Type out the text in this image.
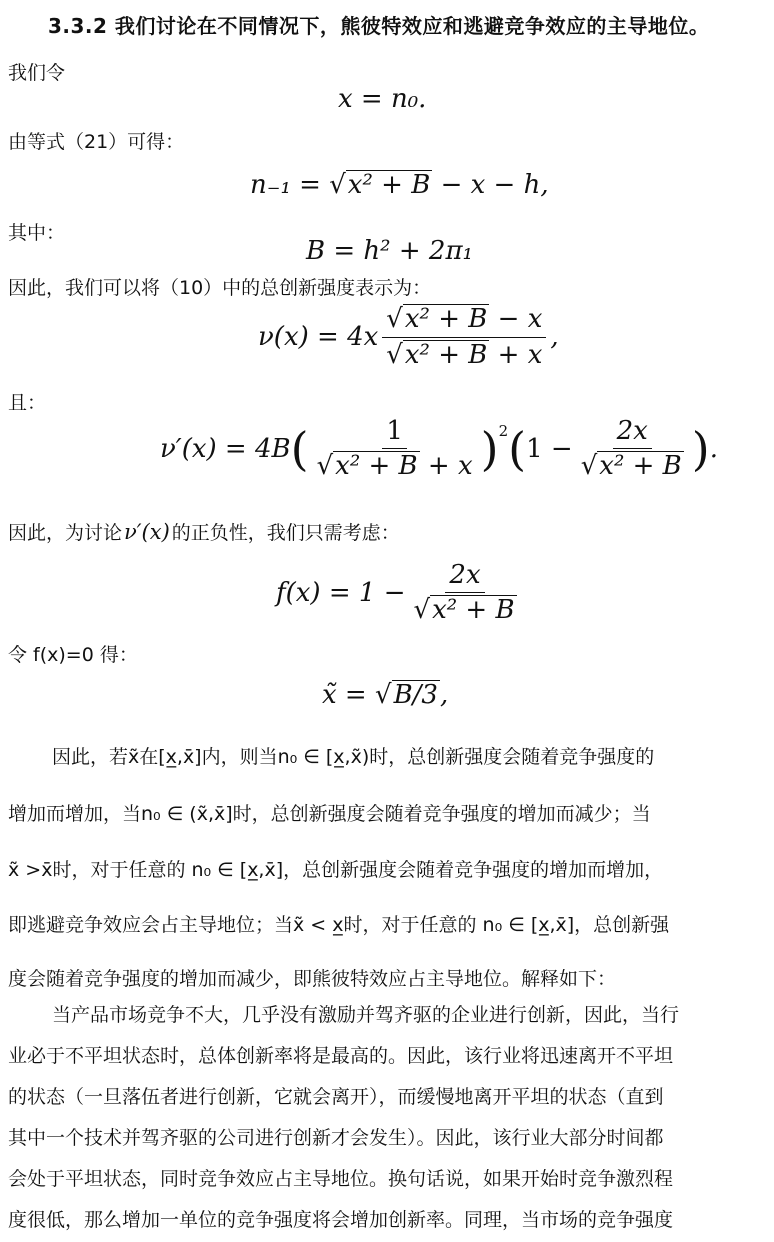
3.3.2 我们讨论在不同情况下，熊彼特效应和逃避竞争效应的主导地位。
我们令
x = n₀.
由等式（21）可得：
n₋₁ = √x² + B − x − h,
其中：
B = h² + 2π₁
因此，我们可以将（10）中的总创新强度表示为：
$\nu(x) = 4x \frac{\text{√x² + B − x}}{\text{√x² + B + x}}$ ,
且：
ν′(x) = 4B ( $\frac{1}{\text{√x² + B + x}} )^2$ ( $1 - \frac{2x}{\text{√x² + B}}$ ) .
因此，为讨论ν′(x) 的正负性，我们只需考虑：
$f(x) = 1 - \frac{2x}{\text{√x² + B}}$
令 f(x)=0 得：
x̃ = √B/3,
因此，若x̃在[x̲,x̄]内，则当n₀ ∈ [x̲,x̃)时，总创新强度会随着竞争强度的
增加而增加，当n₀ ∈ (x̃,x̄]时，总创新强度会随着竞争强度的增加而减少；当
x̃ >x̄时，对于任意的 n₀ ∈ [x̲,x̄]，总创新强度会随着竞争强度的增加而增加，
即逃避竞争效应会占主导地位；当x̃ < x̲时，对于任意的 n₀ ∈ [x̲,x̄]，总创新强
度会随着竞争强度的增加而减少，即熊彼特效应占主导地位。解释如下：
当产品市场竞争不大，几乎没有激励并驾齐驱的企业进行创新，因此，当行
业必于不平坦状态时，总体创新率将是最高的。因此，该行业将迅速离开不平坦
的状态（一旦落伍者进行创新，它就会离开），而缓慢地离开平坦的状态（直到
其中一个技术并驾齐驱的公司进行创新才会发生）。因此，该行业大部分时间都
会处于平坦状态，同时竞争效应占主导地位。换句话说，如果开始时竞争激烈程
度很低，那么增加一单位的竞争强度将会增加创新率。同理，当市场的竞争强度
